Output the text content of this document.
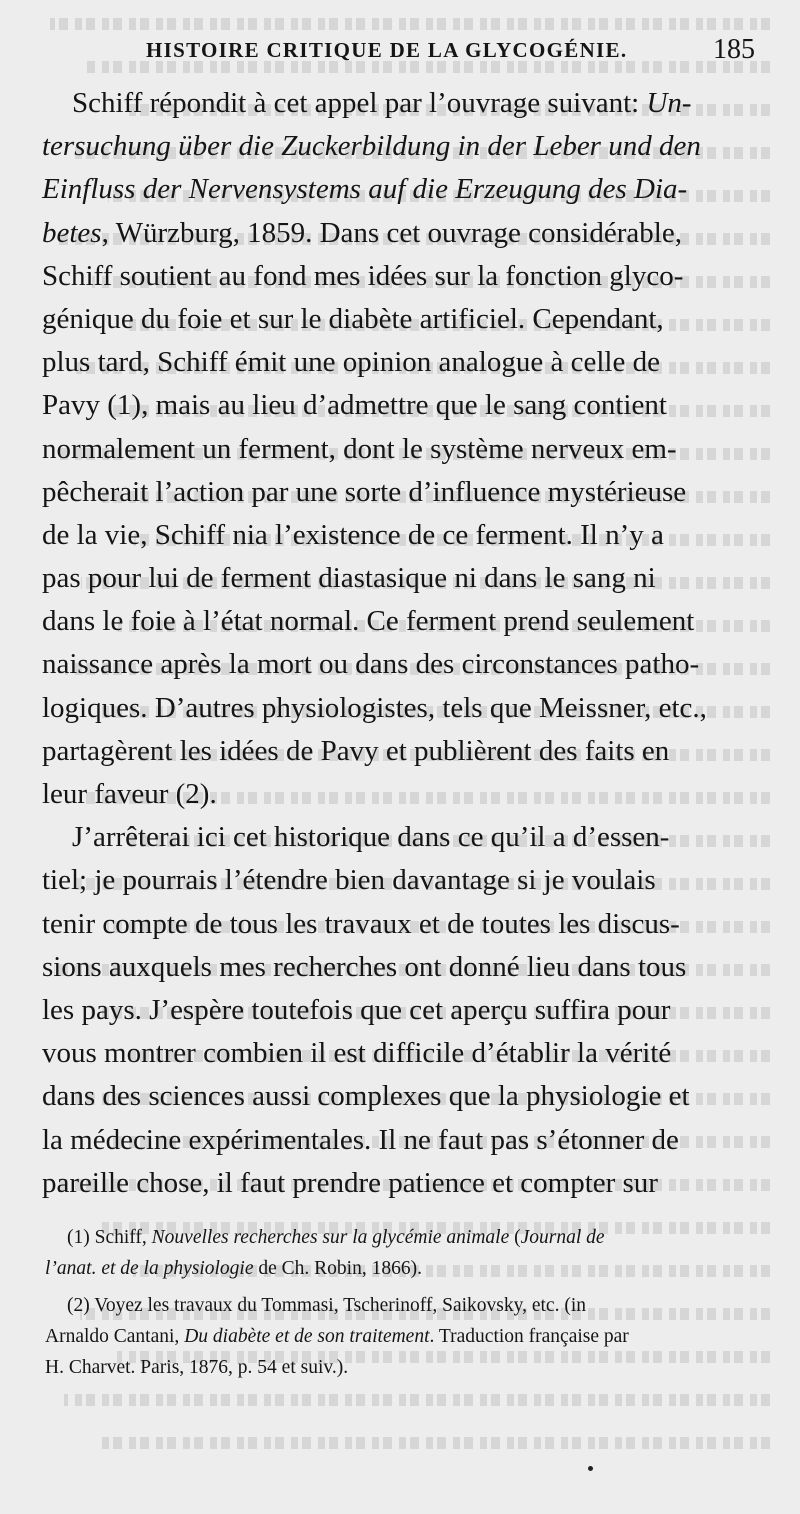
HISTOIRE CRITIQUE DE LA GLYCOGÉNIE.	185
Schiff répondit à cet appel par l’ouvrage suivant: Un-
tersuchung über die Zuckerbildung in der Leber und den
Einfluss der Nervensystems auf die Erzeugung des Dia-
betes, Würzburg, 1859. Dans cet ouvrage considérable,
Schiff soutient au fond mes idées sur la fonction glyco-
génique du foie et sur le diabète artificiel. Cependant,
plus tard, Schiff émit une opinion analogue à celle de
Pavy (1), mais au lieu d’admettre que le sang contient
normalement un ferment, dont le système nerveux em-
pêcherait l’action par une sorte d’influence mystérieuse
de la vie, Schiff nia l’existence de ce ferment. Il n’y a
pas pour lui de ferment diastasique ni dans le sang ni
dans le foie à l’état normal. Ce ferment prend seulement
naissance après la mort ou dans des circonstances patho-
logiques. D’autres physiologistes, tels que Meissner, etc.,
partagèrent les idées de Pavy et publièrent des faits en
leur faveur (2).
J’arrêterai ici cet historique dans ce qu’il a d’essen-
tiel; je pourrais l’étendre bien davantage si je voulais
tenir compte de tous les travaux et de toutes les discus-
sions auxquels mes recherches ont donné lieu dans tous
les pays. J’espère toutefois que cet aperçu suffira pour
vous montrer combien il est difficile d’établir la vérité
dans des sciences aussi complexes que la physiologie et
la médecine expérimentales. Il ne faut pas s’étonner de
pareille chose, il faut prendre patience et compter sur
(1) Schiff, Nouvelles recherches sur la glycémie animale (Journal de
l’anat. et de la physiologie de Ch. Robin, 1866).
(2) Voyez les travaux du Tommasi, Tscherinoff, Saikovsky, etc. (in
Arnaldo Cantani, Du diabète et de son traitement. Traduction française par
H. Charvet. Paris, 1876, p. 54 et suiv.).
